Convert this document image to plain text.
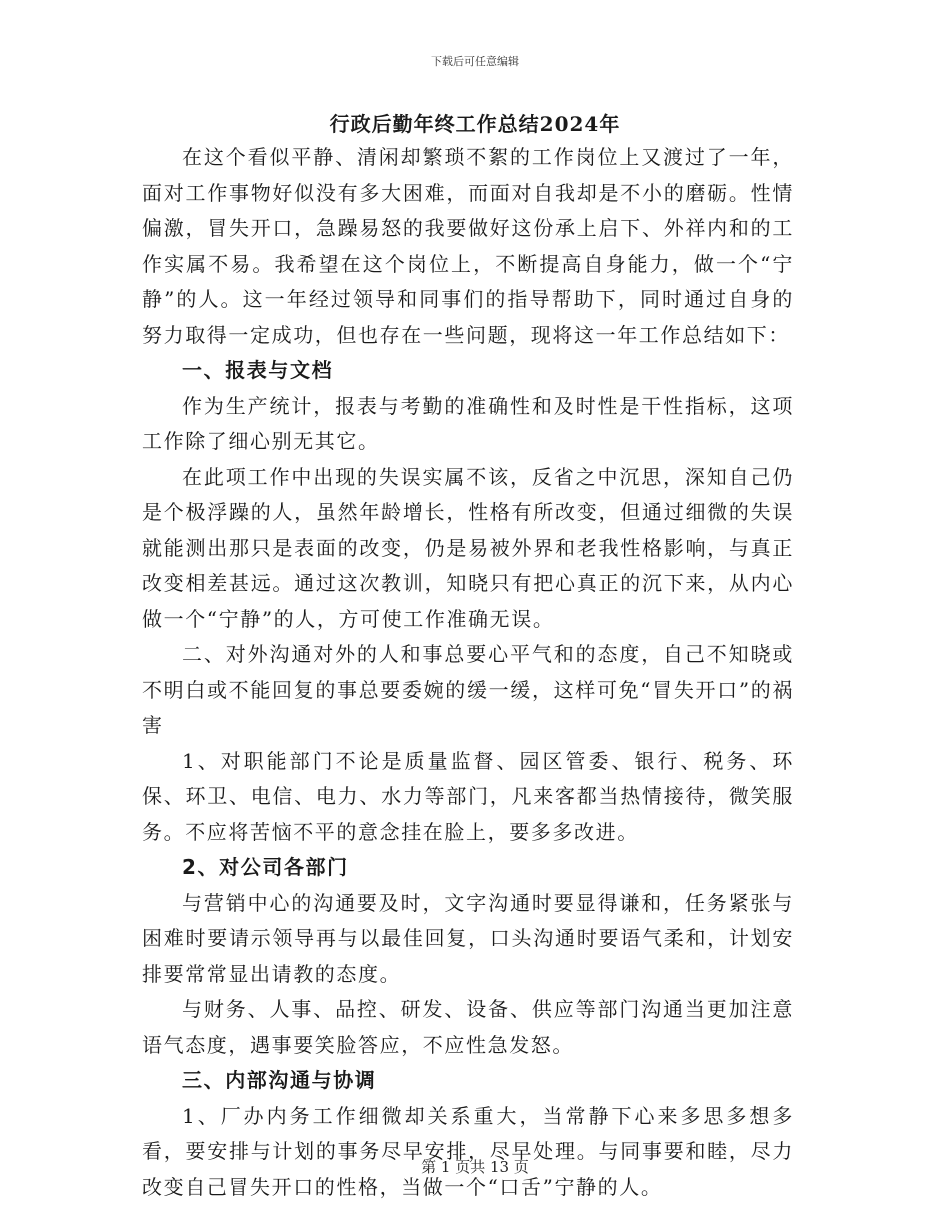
下载后可任意编辑
行政后勤年终工作总结2024年

在这个看似平静、清闲却繁琐不絮的工作岗位上又渡过了一年，面对工作事物好似没有多大困难，而面对自我却是不小的磨砺。性情偏激，冒失开口，急躁易怒的我要做好这份承上启下、外祥内和的工作实属不易。我希望在这个岗位上，不断提高自身能力，做一个“宁静”的人。这一年经过领导和同事们的指导帮助下，同时通过自身的努力取得一定成功，但也存在一些问题，现将这一年工作总结如下：

一、报表与文档

作为生产统计，报表与考勤的准确性和及时性是干性指标，这项工作除了细心别无其它。

在此项工作中出现的失误实属不该，反省之中沉思，深知自己仍是个极浮躁的人，虽然年龄增长，性格有所改变，但通过细微的失误就能测出那只是表面的改变，仍是易被外界和老我性格影响，与真正改变相差甚远。通过这次教训，知晓只有把心真正的沉下来，从内心做一个“宁静”的人，方可使工作准确无误。

二、对外沟通对外的人和事总要心平气和的态度，自己不知晓或不明白或不能回复的事总要委婉的缓一缓，这样可免“冒失开口”的祸害

1、对职能部门不论是质量监督、园区管委、银行、税务、环保、环卫、电信、电力、水力等部门，凡来客都当热情接待，微笑服务。不应将苦恼不平的意念挂在脸上，要多多改进。

2、对公司各部门

与营销中心的沟通要及时，文字沟通时要显得谦和，任务紧张与困难时要请示领导再与以最佳回复，口头沟通时要语气柔和，计划安排要常常显出请教的态度。

与财务、人事、品控、研发、设备、供应等部门沟通当更加注意语气态度，遇事要笑脸答应，不应性急发怒。

三、内部沟通与协调

1、厂办内务工作细微却关系重大，当常静下心来多思多想多看，要安排与计划的事务尽早安排，尽早处理。与同事要和睦，尽力改变自己冒失开口的性格，当做一个“口舌”宁静的人。

第 1 页共 13 页
